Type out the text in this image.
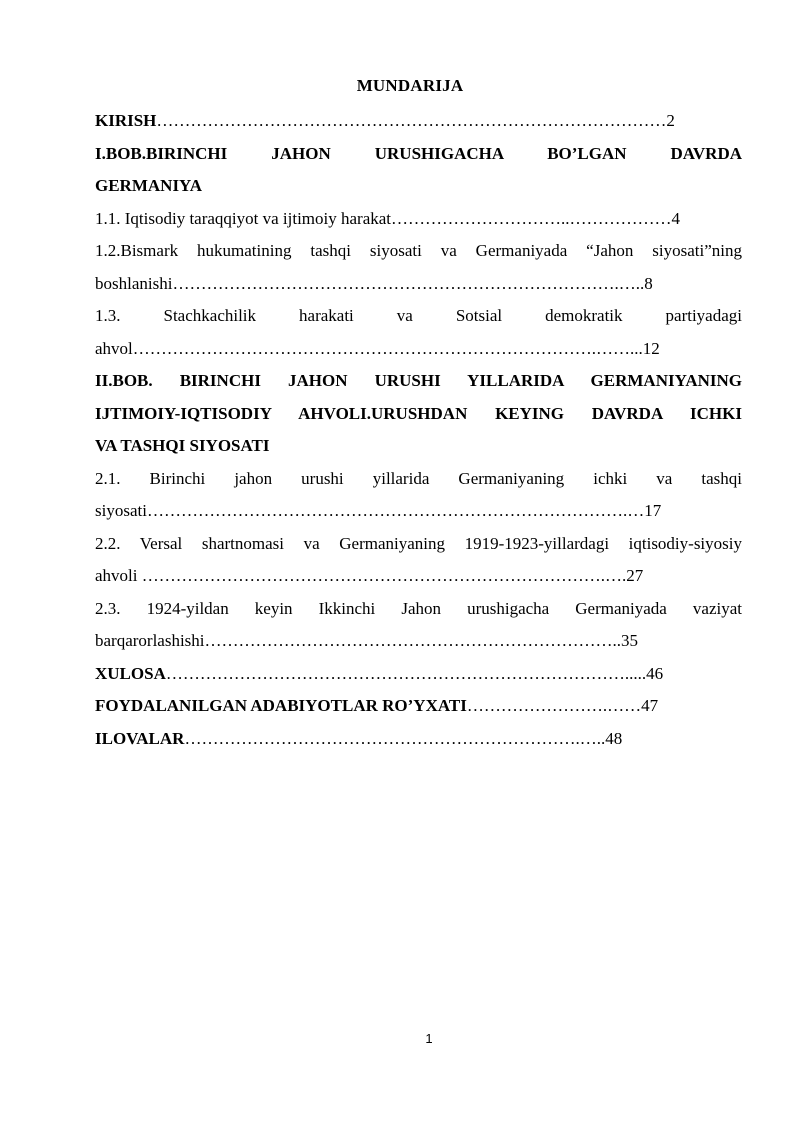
MUNDARIJA
KIRISH………………………………………………………………………………2
I.BOB.BIRINCHI JAHON URUSHIGACHA BO’LGAN DAVRDA
GERMANIYA
1.1. Iqtisodiy taraqqiyot va ijtimoiy harakat…………………………..………………4
1.2.Bismark hukumatining tashqi siyosati va Germaniyada “Jahon siyosati”ning
boshlanishi…………………………………………………………………….…..8
1.3. Stachkachilik harakati va Sotsial demokratik partiyadagi
ahvol……………………………………………………………………….……...12
II.BOB. BIRINCHI JAHON URUSHI YILLARIDA GERMANIYANING
IJTIMOIY-IQTISODIY AHVOLI.URUSHDAN KEYING DAVRDA ICHKI
VA TASHQI SIYOSATI
2.1. Birinchi jahon urushi yillarida Germaniyaning ichki va tashqi
siyosati………………………………………………………………………….…17
2.2. Versal shartnomasi va Germaniyaning 1919-1923-yillardagi iqtisodiy-siyosiy
ahvoli ……………………………………………………………………….….27
2.3. 1924-yildan keyin Ikkinchi Jahon urushigacha Germaniyada vaziyat
barqarorlashishi………………………………………………………………..35
XULOSA……………………………………………………………………….....46
FOYDALANILGAN ADABIYOTLAR RO’YXATI…………………….……47
ILOVALAR…………………………………………………………….…..48
1
